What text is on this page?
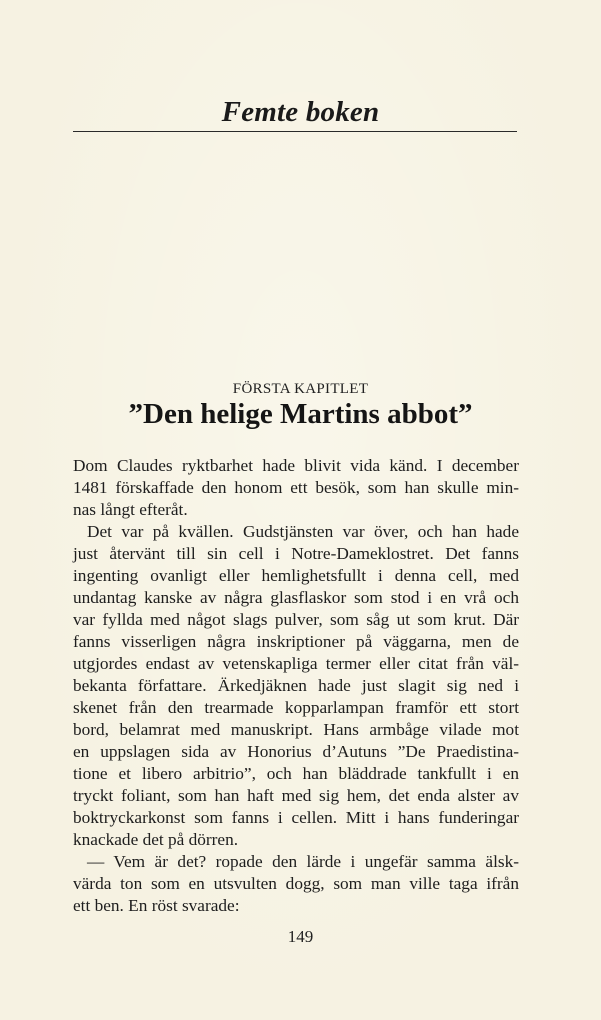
Femte boken
FÖRSTA KAPITLET
”Den helige Martins abbot”
Dom Claudes ryktbarhet hade blivit vida känd. I december
1481 förskaffade den honom ett besök, som han skulle min-
nas långt efteråt.
Det var på kvällen. Gudstjänsten var över, och han hade
just återvänt till sin cell i Notre-Dameklostret. Det fanns
ingenting ovanligt eller hemlighetsfullt i denna cell, med
undantag kanske av några glasflaskor som stod i en vrå och
var fyllda med något slags pulver, som såg ut som krut. Där
fanns visserligen några inskriptioner på väggarna, men de
utgjordes endast av vetenskapliga termer eller citat från väl-
bekanta författare. Ärkedjäknen hade just slagit sig ned i
skenet från den trearmade kopparlampan framför ett stort
bord, belamrat med manuskript. Hans armbåge vilade mot
en uppslagen sida av Honorius d’Autuns ”De Praedistina-
tione et libero arbitrio”, och han bläddrade tankfullt i en
tryckt foliant, som han haft med sig hem, det enda alster av
boktryckarkonst som fanns i cellen. Mitt i hans funderingar
knackade det på dörren.
— Vem är det? ropade den lärde i ungefär samma älsk-
värda ton som en utsvulten dogg, som man ville taga ifrån
ett ben. En röst svarade:
149
